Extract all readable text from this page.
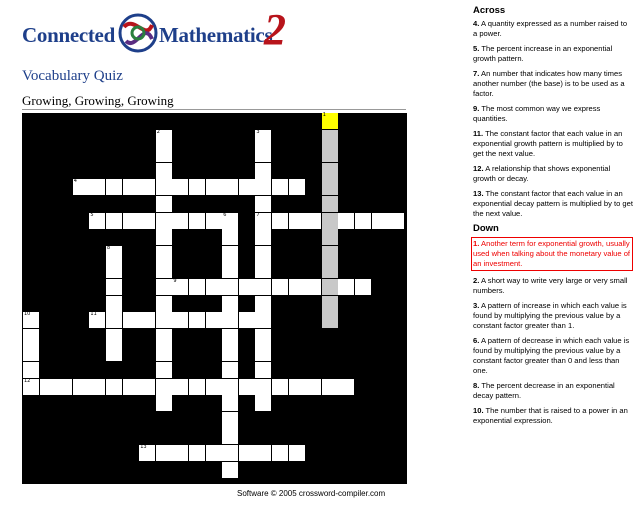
Connected Mathematics
2
Vocabulary Quiz
Growing, Growing, Growing
4
5	6	7
9
11
12
13
2	3
8
10
1
Software © 2005 crossword-compiler.com
Across
4. A quantity expressed as a number raised to a power.
5. The percent increase in an exponential growth pattern.
7. An number that indicates how many times another number (the base) is to be used as a factor.
9. The most common way we express quantities.
11. The constant factor that each value in an exponential growth pattern is multiplied by to get the next value.
12. A relationship that shows exponential growth or decay.
13. The constant factor that each value in an exponential decay pattern is multiplied by to get the next value.
Down
1. Another term for exponential growth, usually used when talking about the monetary value of an investment.
2. A short way to write very large or very small numbers.
3. A pattern of increase in which each value is found by multiplying the previous value by a constant factor greater than 1.
6. A pattern of decrease in which each value is found by multiplying the previous value by a constant factor greater than 0 and less than one.
8. The percent decrease in an exponential decay pattern.
10. The number that is raised to a power in an exponential expression.
